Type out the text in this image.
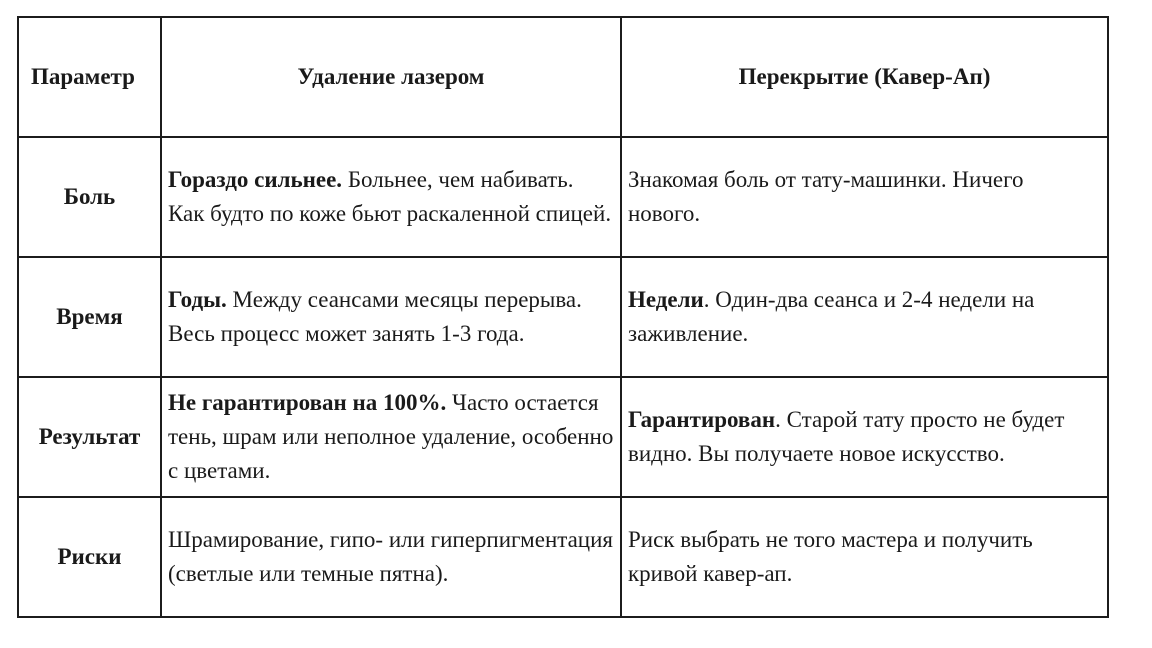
Параметр	Удаление лазером	Перекрытие (Кавер-Ап)
Боль	Гораздо сильнее. Больнее, чем набивать. Как будто по коже бьют раскаленной спицей.	Знакомая боль от тату-машинки. Ничего нового.
Время	Годы. Между сеансами месяцы перерыва. Весь процесс может занять 1-3 года.	Недели. Один-два сеанса и 2-4 недели на заживление.
Результат	Не гарантирован на 100%. Часто остается тень, шрам или неполное удаление, особенно с цветами.	Гарантирован. Старой тату просто не будет видно. Вы получаете новое искусство.
Риски	Шрамирование, гипо- или гиперпигментация (светлые или темные пятна).	Риск выбрать не того мастера и получить кривой кавер-ап.
